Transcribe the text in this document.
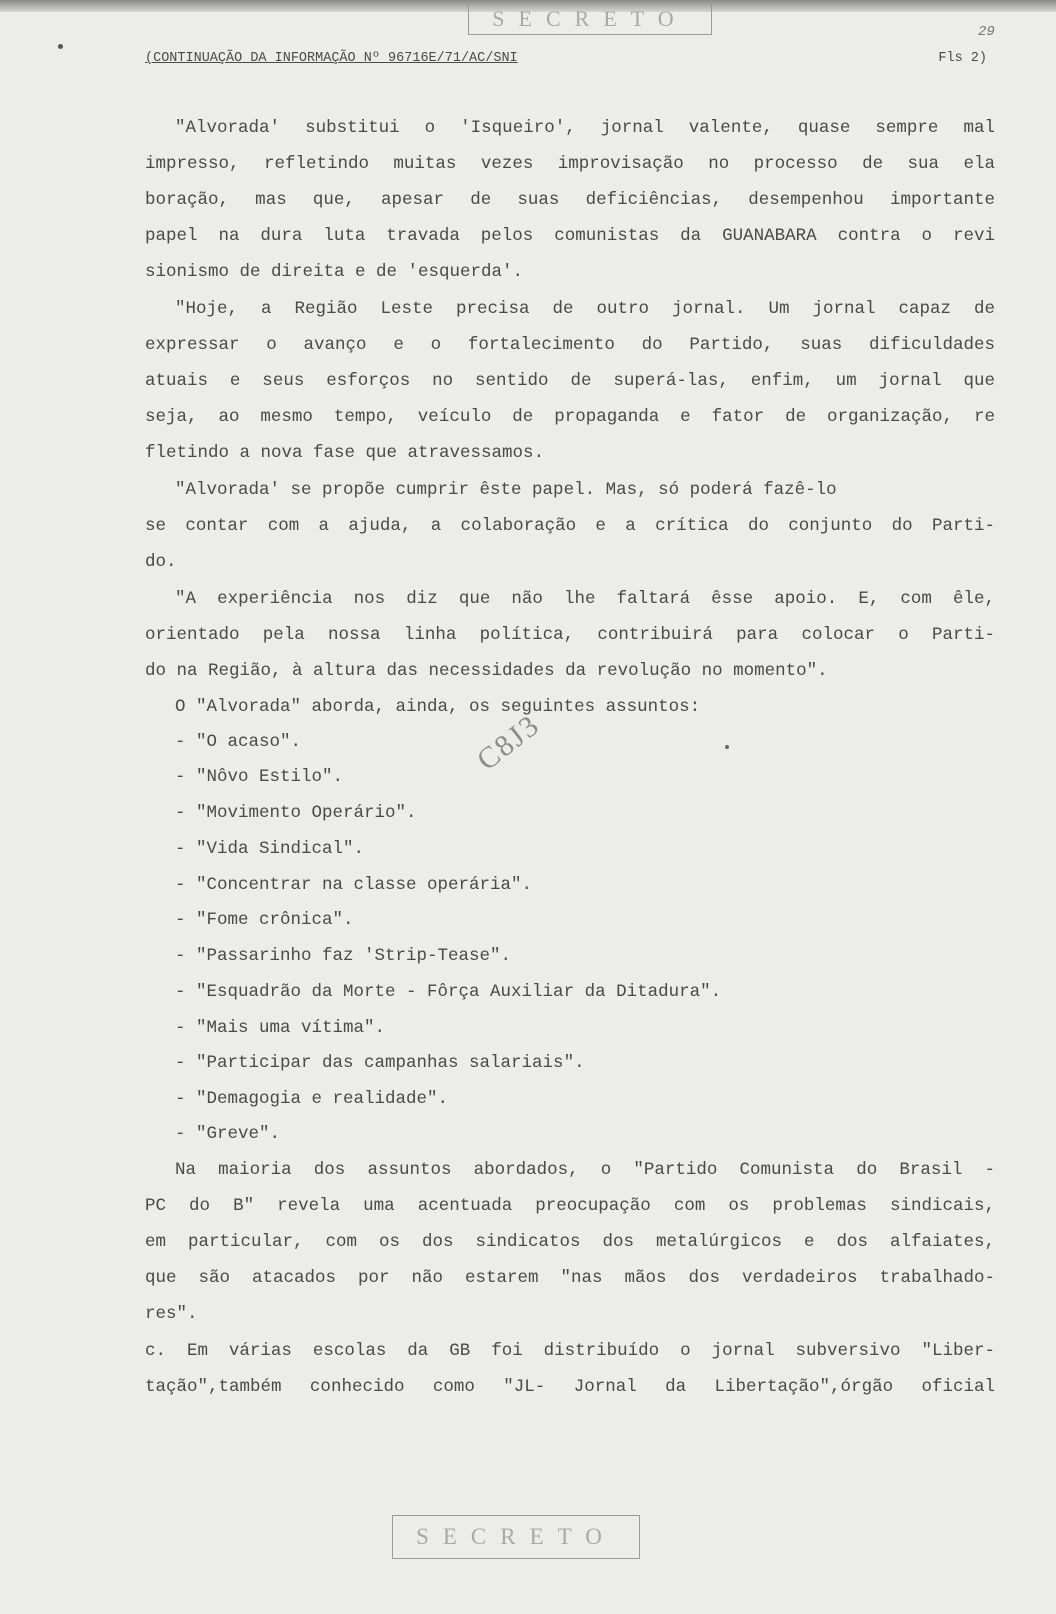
SECRETO
29
(CONTINUAÇÃO DA INFORMAÇÃO Nº 96716E/71/AC/SNI	Fls 2)
"Alvorada' substitui o 'Isqueiro', jornal valente, quase sempre mal
impresso, refletindo muitas vezes improvisação no processo de sua ela
boração, mas que, apesar de suas deficiências, desempenhou importante
papel na dura luta travada pelos comunistas da GUANABARA contra o revi
sionismo de direita e de 'esquerda'.
"Hoje, a Região Leste precisa de outro jornal. Um jornal capaz de
expressar o avanço e o fortalecimento do Partido, suas dificuldades
atuais e seus esforços no sentido de superá-las, enfim, um jornal que
seja, ao mesmo tempo, veículo de propaganda e fator de organização, re
fletindo a nova fase que atravessamos.
"Alvorada' se propõe cumprir êste papel. Mas, só poderá fazê-lo
se contar com a ajuda, a colaboração e a crítica do conjunto do Parti-
do.
"A experiência nos diz que não lhe faltará êsse apoio. E, com êle,
orientado pela nossa linha política, contribuirá para colocar o Parti-
do na Região, à altura das necessidades da revolução no momento".
O "Alvorada" aborda, ainda, os seguintes assuntos:
- "O acaso".
- "Nôvo Estilo".
- "Movimento Operário".
- "Vida Sindical".
- "Concentrar na classe operária".
- "Fome crônica".
- "Passarinho faz 'Strip-Tease".
- "Esquadrão da Morte - Fôrça Auxiliar da Ditadura".
- "Mais uma vítima".
- "Participar das campanhas salariais".
- "Demagogia e realidade".
- "Greve".
Na maioria dos assuntos abordados, o "Partido Comunista do Brasil -
PC do B" revela uma acentuada preocupação com os problemas sindicais,
em particular, com os dos sindicatos dos metalúrgicos e dos alfaiates,
que são atacados por não estarem "nas mãos dos verdadeiros trabalhado-
res".
c. Em várias escolas da GB foi distribuído o jornal subversivo "Liber-
tação",também conhecido como "JL- Jornal da Libertação",órgão oficial
C8J3
SECRETO
